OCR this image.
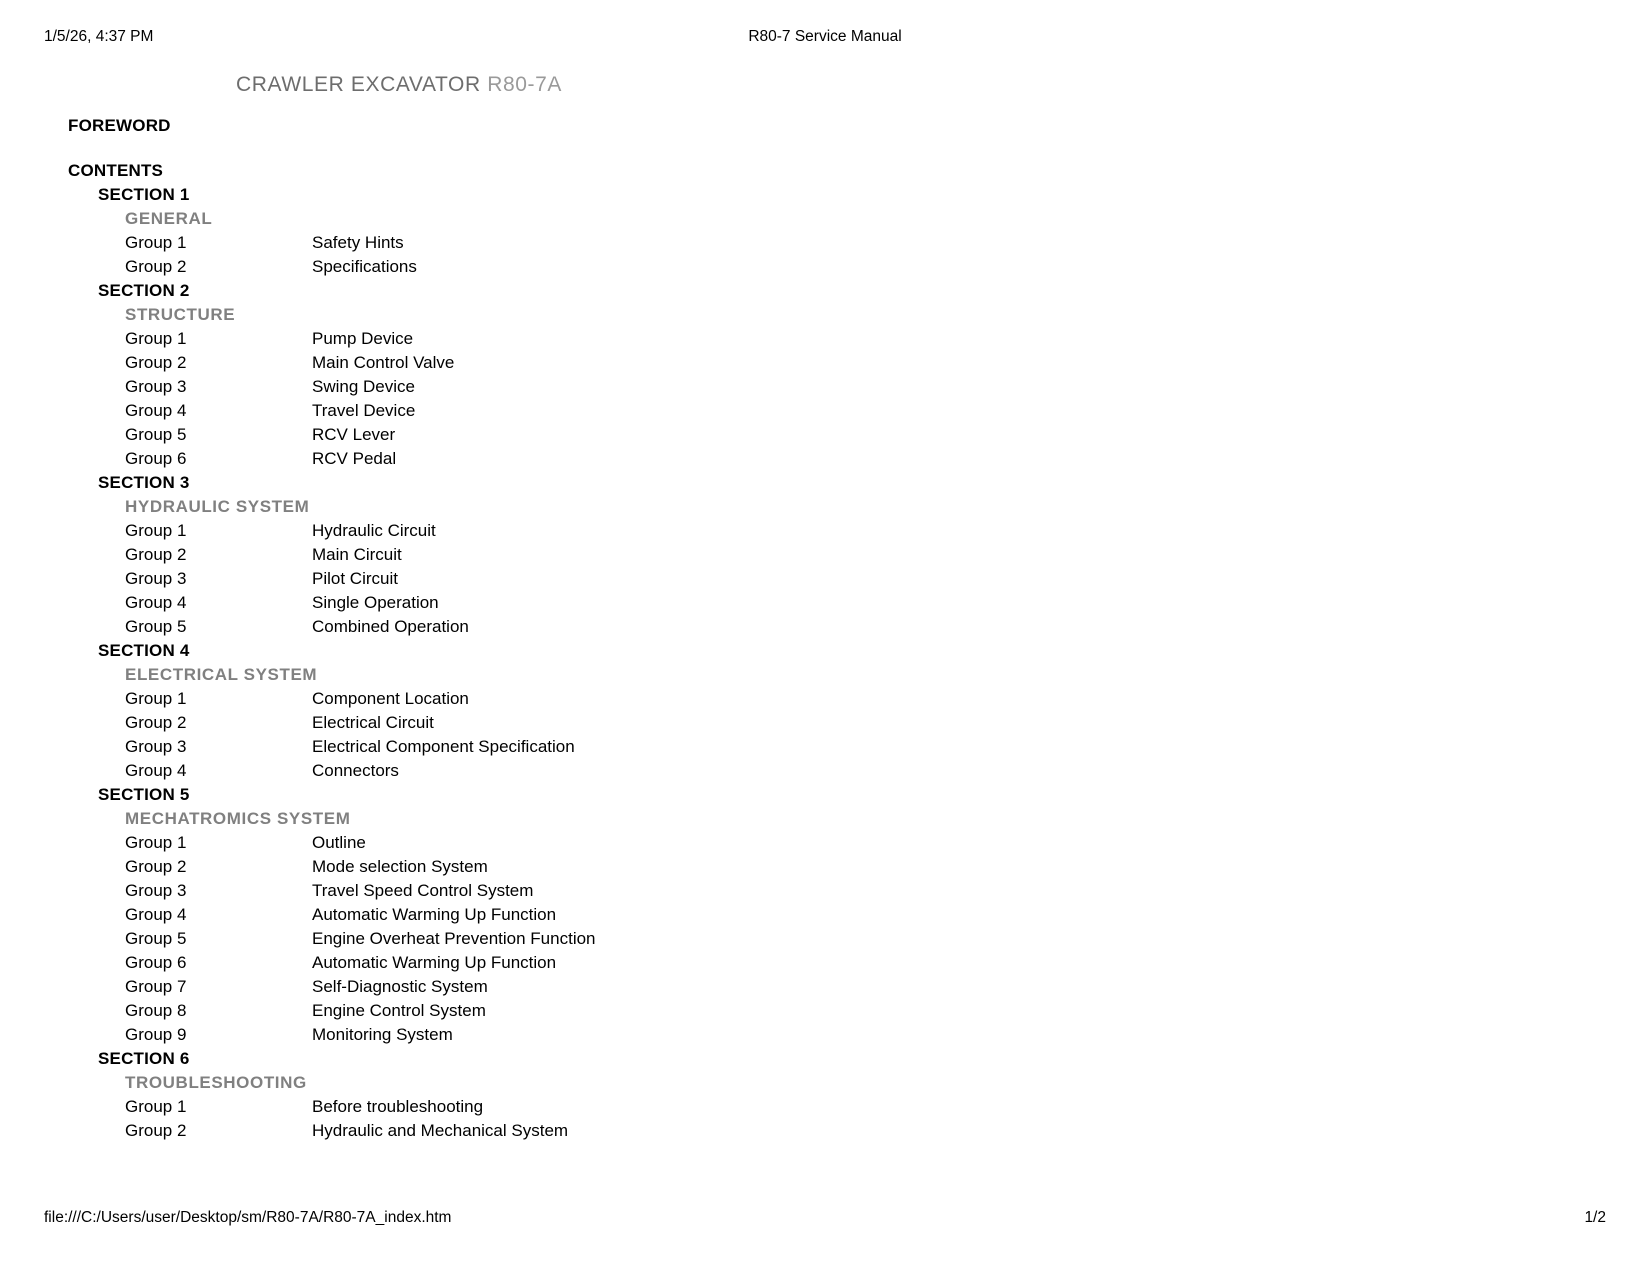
1/5/26, 4:37 PM	R80-7 Service Manual
CRAWLER EXCAVATOR R80-7A
FOREWORD
CONTENTS
SECTION 1
GENERAL
Group 1	Safety Hints
Group 2	Specifications
SECTION 2
STRUCTURE
Group 1	Pump Device
Group 2	Main Control Valve
Group 3	Swing Device
Group 4	Travel Device
Group 5	RCV Lever
Group 6	RCV Pedal
SECTION 3
HYDRAULIC SYSTEM
Group 1	Hydraulic Circuit
Group 2	Main Circuit
Group 3	Pilot Circuit
Group 4	Single Operation
Group 5	Combined Operation
SECTION 4
ELECTRICAL SYSTEM
Group 1	Component Location
Group 2	Electrical Circuit
Group 3	Electrical Component Specification
Group 4	Connectors
SECTION 5
MECHATROMICS SYSTEM
Group 1	Outline
Group 2	Mode selection System
Group 3	Travel Speed Control System
Group 4	Automatic Warming Up Function
Group 5	Engine Overheat Prevention Function
Group 6	Automatic Warming Up Function
Group 7	Self-Diagnostic System
Group 8	Engine Control System
Group 9	Monitoring System
SECTION 6
TROUBLESHOOTING
Group 1	Before troubleshooting
Group 2	Hydraulic and Mechanical System
file:///C:/Users/user/Desktop/sm/R80-7A/R80-7A_index.htm	1/2
